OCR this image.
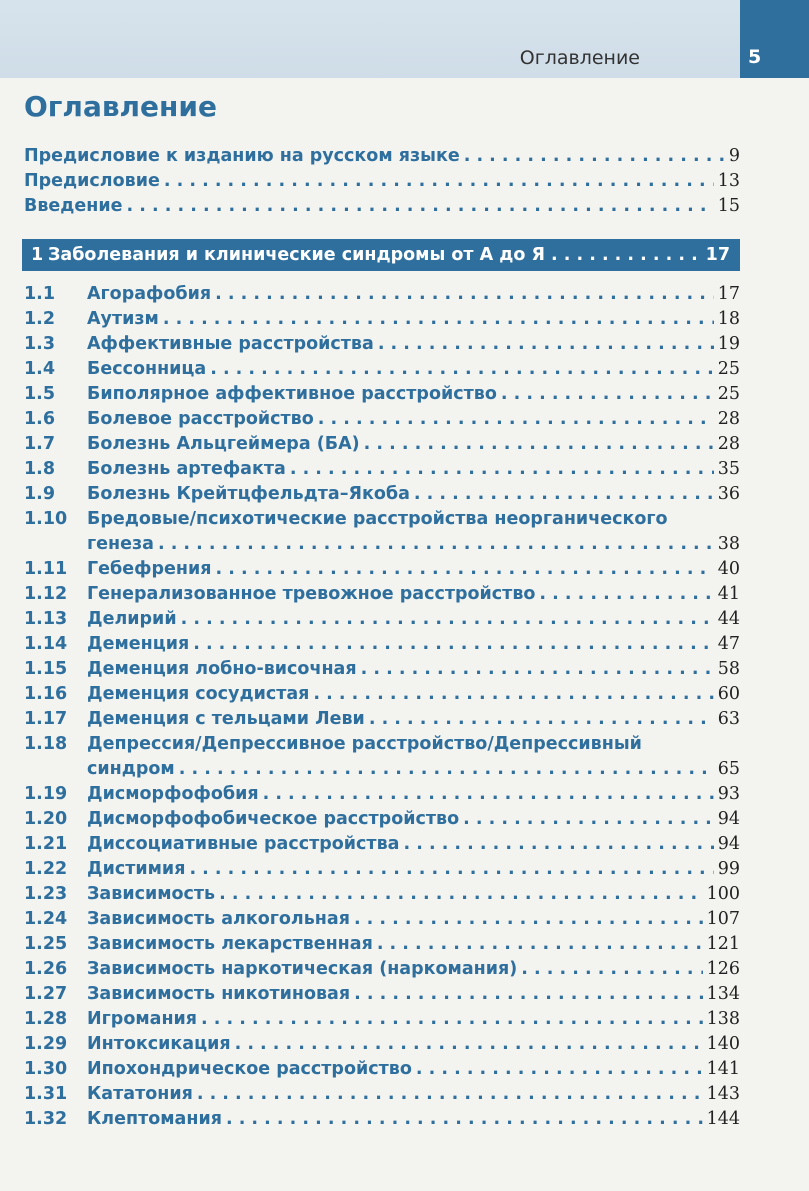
Оглавление	5
Оглавление
Предисловие к изданию на русском языке . . .	9
Предисловие . . .	13
Введение . . .	15
1 Заболевания и клинические синдромы от А до Я . . .	17
1.1	Агорафобия . . .	17
1.2	Аутизм . . .	18
1.3	Аффективные расстройства . . .	19
1.4	Бессонница . . .	25
1.5	Биполярное аффективное расстройство . . .	25
1.6	Болевое расстройство . . .	28
1.7	Болезнь Альцгеймера (БА) . . .	28
1.8	Болезнь артефакта . . .	35
1.9	Болезнь Крейтцфельдта–Якоба . . .	36
1.10	Бредовые/психотические расстройства неорганического
генеза . . .	38
1.11	Гебефрения . . .	40
1.12	Генерализованное тревожное расстройство . . .	41
1.13	Делирий . . .	44
1.14	Деменция . . .	47
1.15	Деменция лобно-височная . . .	58
1.16	Деменция сосудистая . . .	60
1.17	Деменция с тельцами Леви . . .	63
1.18	Депрессия/Депрессивное расстройство/Депрессивный
синдром . . .	65
1.19	Дисморфофобия . . .	93
1.20	Дисморфофобическое расстройство . . .	94
1.21	Диссоциативные расстройства . . .	94
1.22	Дистимия . . .	99
1.23	Зависимость . . .	100
1.24	Зависимость алкогольная . . .	107
1.25	Зависимость лекарственная . . .	121
1.26	Зависимость наркотическая (наркомания) . . .	126
1.27	Зависимость никотиновая . . .	134
1.28	Игромания . . .	138
1.29	Интоксикация . . .	140
1.30	Ипохондрическое расстройство . . .	141
1.31	Кататония . . .	143
1.32	Клептомания . . .	144
